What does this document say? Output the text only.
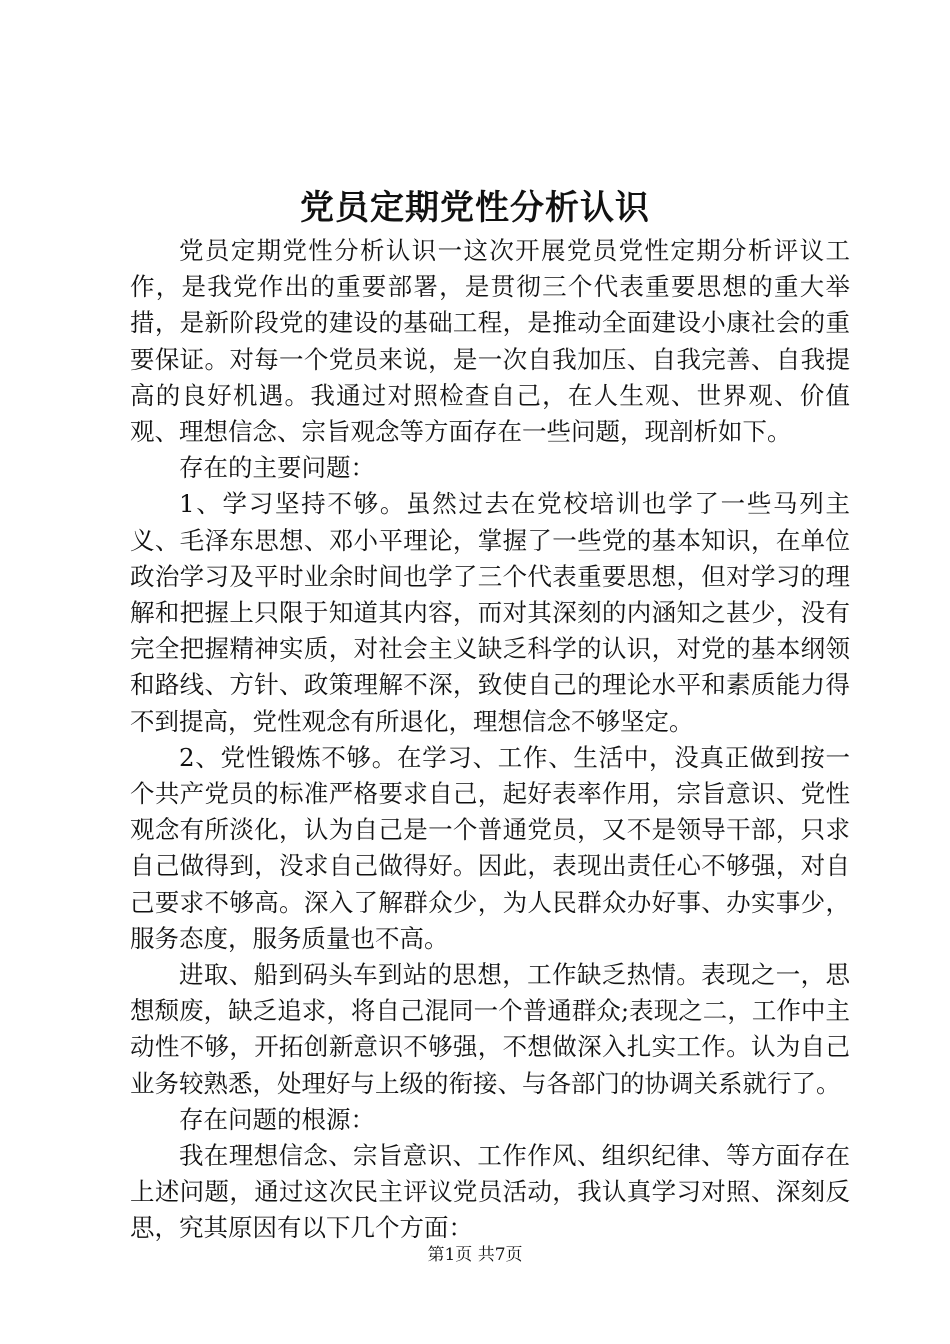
党员定期党性分析认识

党员定期党性分析认识一这次开展党员党性定期分析评议工作，是我党作出的重要部署，是贯彻三个代表重要思想的重大举措，是新阶段党的建设的基础工程，是推动全面建设小康社会的重要保证。对每一个党员来说，是一次自我加压、自我完善、自我提高的良好机遇。我通过对照检查自己，在人生观、世界观、价值观、理想信念、宗旨观念等方面存在一些问题，现剖析如下。

存在的主要问题：

1、学习坚持不够。虽然过去在党校培训也学了一些马列主义、毛泽东思想、邓小平理论，掌握了一些党的基本知识，在单位政治学习及平时业余时间也学了三个代表重要思想，但对学习的理解和把握上只限于知道其内容，而对其深刻的内涵知之甚少，没有完全把握精神实质，对社会主义缺乏科学的认识，对党的基本纲领和路线、方针、政策理解不深，致使自己的理论水平和素质能力得不到提高，党性观念有所退化，理想信念不够坚定。

2、党性锻炼不够。在学习、工作、生活中，没真正做到按一个共产党员的标准严格要求自己，起好表率作用，宗旨意识、党性观念有所淡化，认为自己是一个普通党员，又不是领导干部，只求自己做得到，没求自己做得好。因此，表现出责任心不够强，对自己要求不够高。深入了解群众少，为人民群众办好事、办实事少，服务态度，服务质量也不高。

进取、船到码头车到站的思想，工作缺乏热情。表现之一，思想颓废，缺乏追求，将自己混同一个普通群众;表现之二，工作中主动性不够，开拓创新意识不够强，不想做深入扎实工作。认为自己业务较熟悉，处理好与上级的衔接、与各部门的协调关系就行了。

存在问题的根源：

我在理想信念、宗旨意识、工作作风、组织纪律、等方面存在上述问题，通过这次民主评议党员活动，我认真学习对照、深刻反思，究其原因有以下几个方面：

第1页 共7页
